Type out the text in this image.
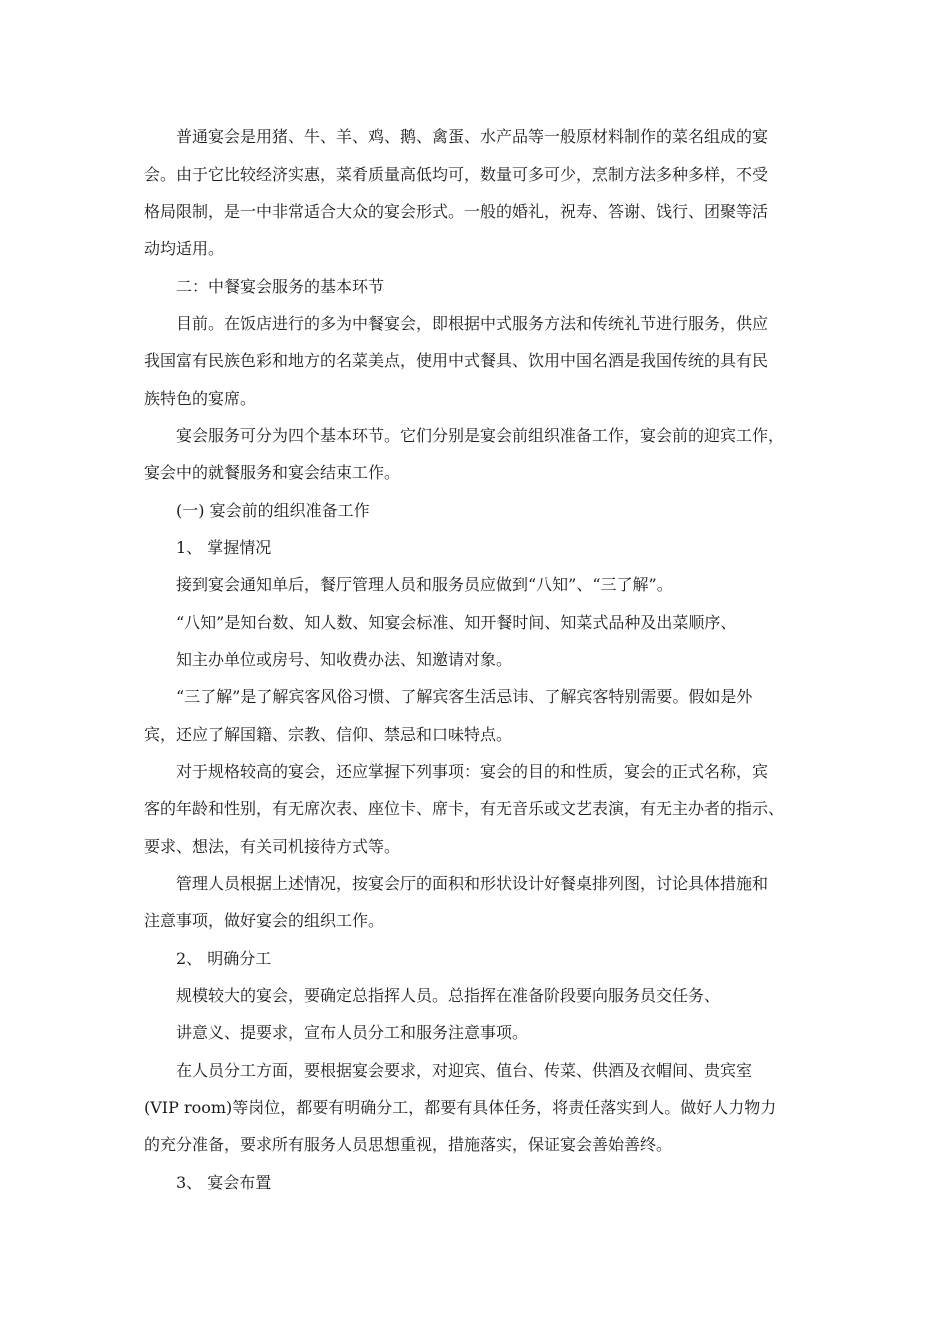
普通宴会是用猪、牛、羊、鸡、鹅、禽蛋、水产品等一般原材料制作的菜名组成的宴
会。由于它比较经济实惠，菜肴质量高低均可，数量可多可少，烹制方法多种多样，不受
格局限制，是一中非常适合大众的宴会形式。一般的婚礼，祝寿、答谢、饯行、团聚等活
动均适用。
二：中餐宴会服务的基本环节
目前。在饭店进行的多为中餐宴会，即根据中式服务方法和传统礼节进行服务，供应
我国富有民族色彩和地方的名菜美点，使用中式餐具、饮用中国名酒是我国传统的具有民
族特色的宴席。
宴会服务可分为四个基本环节。它们分别是宴会前组织准备工作，宴会前的迎宾工作，
宴会中的就餐服务和宴会结束工作。
(一) 宴会前的组织准备工作
1、 掌握情况
接到宴会通知单后，餐厅管理人员和服务员应做到“八知”、“三了解”。
“八知”是知台数、知人数、知宴会标准、知开餐时间、知菜式品种及出菜顺序、
知主办单位或房号、知收费办法、知邀请对象。
“三了解”是了解宾客风俗习惯、了解宾客生活忌讳、了解宾客特别需要。假如是外
宾，还应了解国籍、宗教、信仰、禁忌和口味特点。
对于规格较高的宴会，还应掌握下列事项：宴会的目的和性质，宴会的正式名称，宾
客的年龄和性别，有无席次表、座位卡、席卡，有无音乐或文艺表演，有无主办者的指示、
要求、想法，有关司机接待方式等。
管理人员根据上述情况，按宴会厅的面积和形状设计好餐桌排列图，讨论具体措施和
注意事项，做好宴会的组织工作。
2、 明确分工
规模较大的宴会，要确定总指挥人员。总指挥在准备阶段要向服务员交任务、
讲意义、提要求，宣布人员分工和服务注意事项。
在人员分工方面，要根据宴会要求，对迎宾、值台、传菜、供酒及衣帽间、贵宾室
(VIP room)等岗位，都要有明确分工，都要有具体任务，将责任落实到人。做好人力物力
的充分准备，要求所有服务人员思想重视，措施落实，保证宴会善始善终。
3、 宴会布置
